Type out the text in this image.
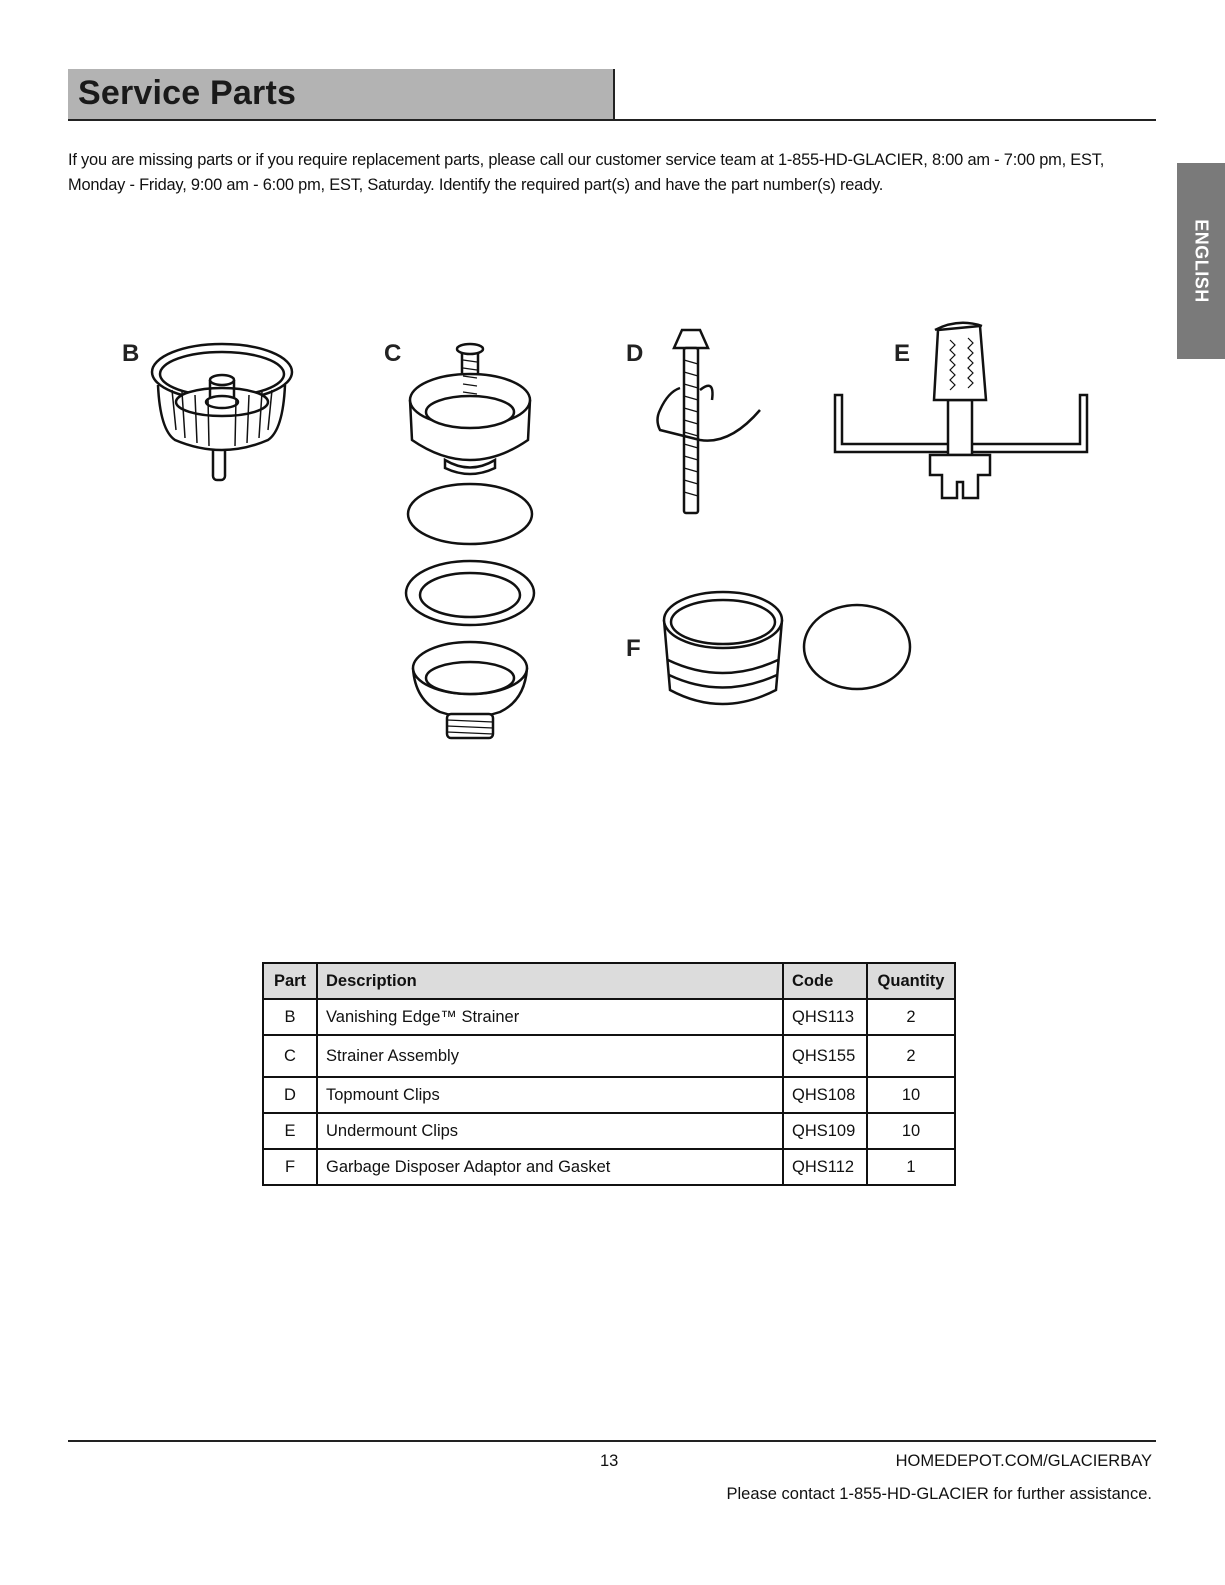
Service Parts
If you are missing parts or if you require replacement parts, please call our customer service team at 1-855-HD-GLACIER, 8:00 am - 7:00 pm, EST, Monday - Friday, 9:00 am - 6:00 pm, EST, Saturday. Identify the required part(s) and have the part number(s) ready.
ENGLISH
B	C	D	E
F
Part	Description	Code	Quantity
B	Vanishing Edge™ Strainer	QHS113	2
C	Strainer Assembly	QHS155	2
D	Topmount Clips	QHS108	10
E	Undermount Clips	QHS109	10
F	Garbage Disposer Adaptor and Gasket	QHS112	1
13	HOMEDEPOT.COM/GLACIERBAY
Please contact 1-855-HD-GLACIER for further assistance.
